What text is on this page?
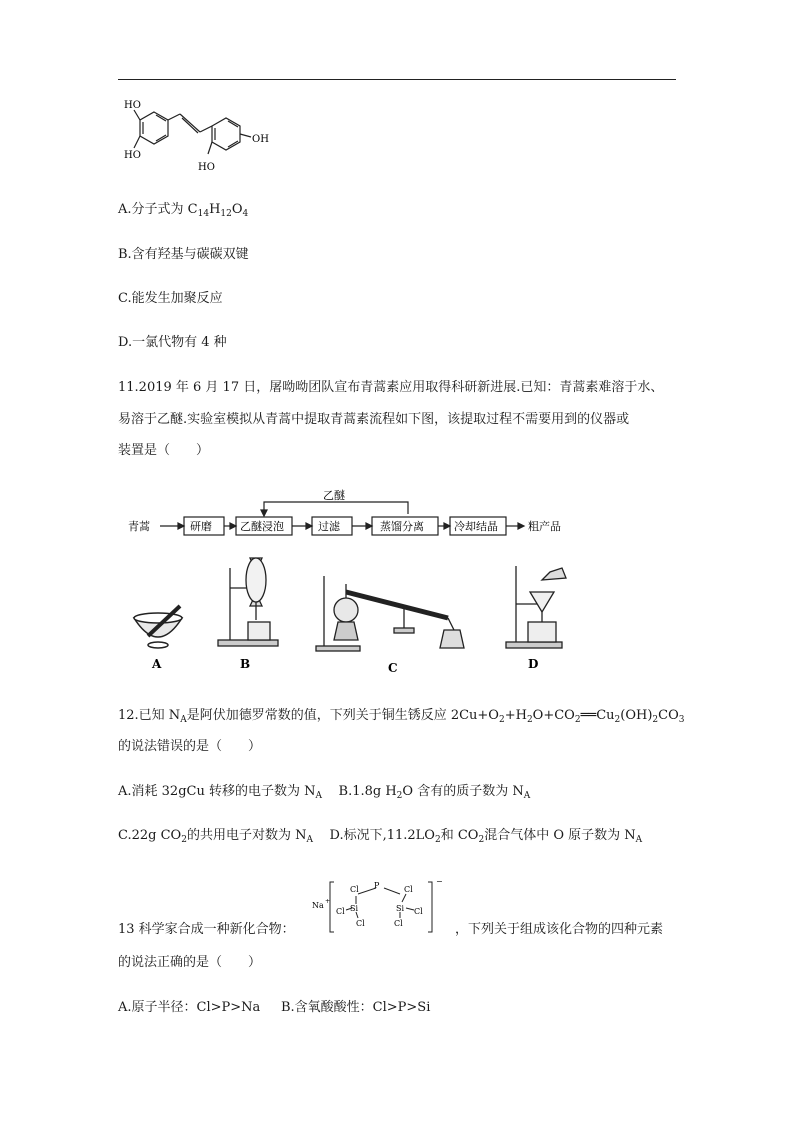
HO
HO
HO
OH
A.分子式为 $C_{14}H_{12}O_4$
B.含有羟基与碳碳双键
C.能发生加聚反应
D.一氯代物有 4 种
11.2019 年 6 月 17 日，屠呦呦团队宣布青蒿素应用取得科研新进展.已知：青蒿素难溶于水、
易溶于乙醚.实验室模拟从青蒿中提取青蒿素流程如下图，该提取过程不需要用到的仪器或
装置是（　　）
乙醚
青蒿	研磨	乙醚浸泡	过滤	蒸馏分离	冷却结晶	粗产品
A	B	C	D
12.已知 $N_A$是阿伏加德罗常数的值，下列关于铜生锈反应 $2Cu+O_2+H_2O+CO_2══Cu_2(OH)_2CO_3$
的说法错误的是（　　）
A.消耗 32gCu 转移的电子数为 $N_A$ B.1.8g $H_2O$ 含有的质子数为 $N_A$
C.22g $CO_2$的共用电子对数为 $N_A$ D.标况下$,11.2LO_2$和 $CO_2$混合气体中 O 原子数为 $N_A$
13 科学家合成一种新化合物：
Na +
−
P
Si	Si
Cl
Cl
Cl
Cl
Cl
Cl	，下列关于组成该化合物的四种元素
的说法正确的是（　　）
A.原子半径：Cl>P>Na B.含氧酸酸性：Cl>P>Si
